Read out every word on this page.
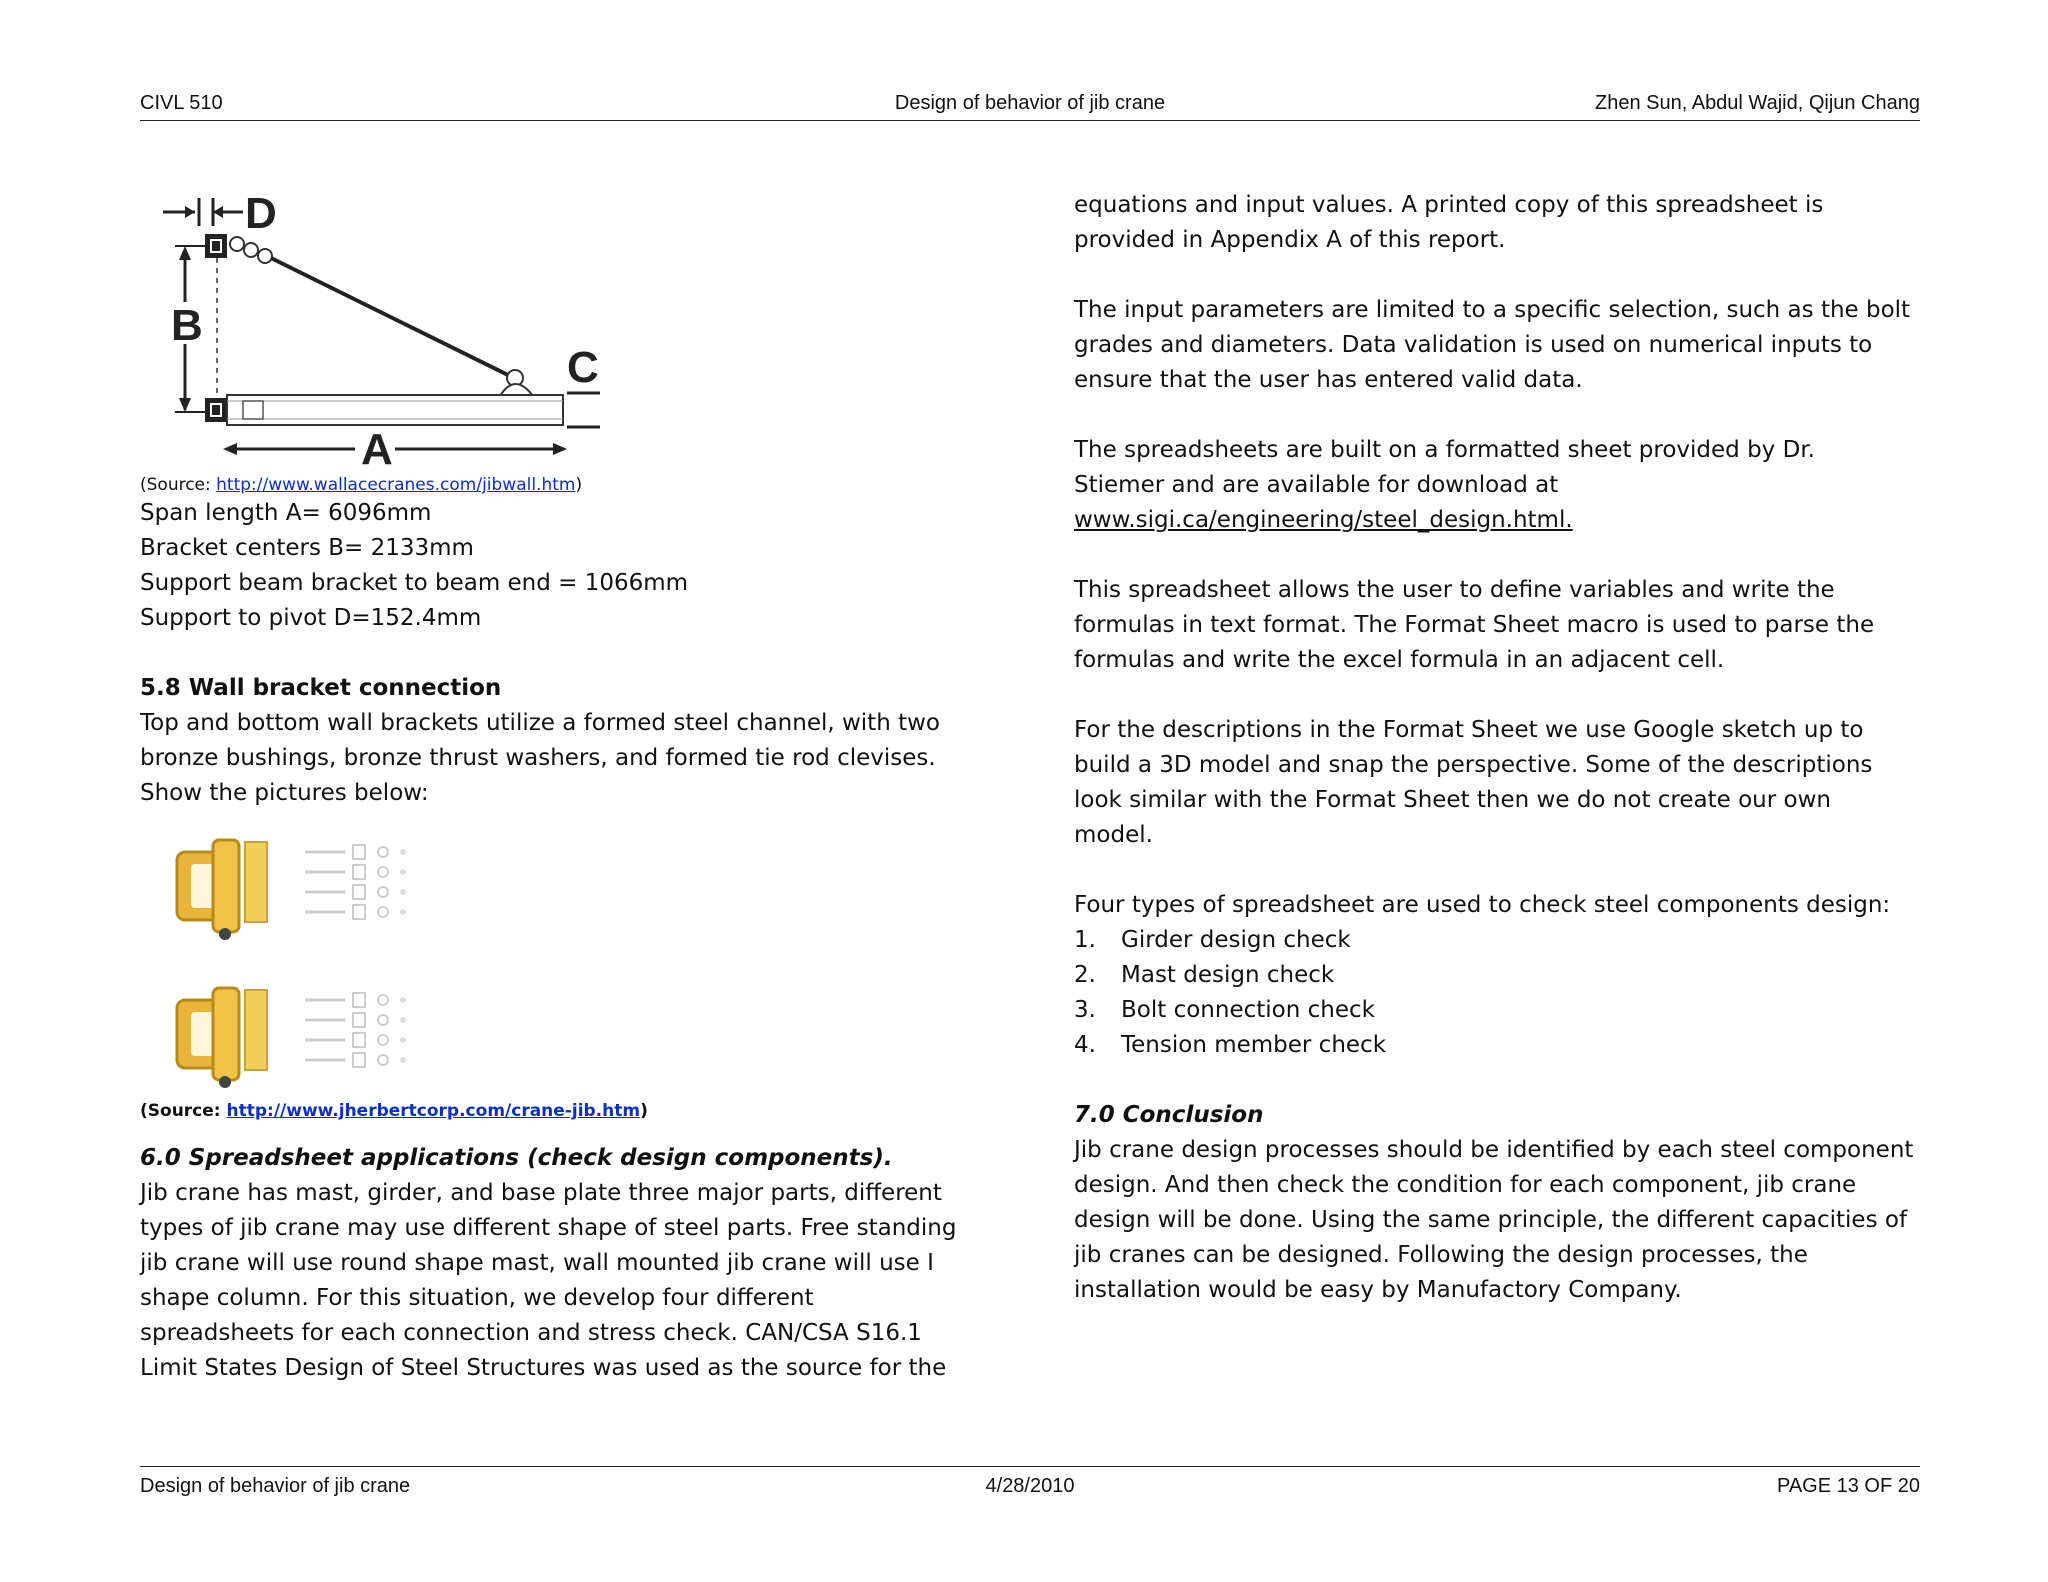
CIVL 510	Design of behavior of jib crane	Zhen Sun, Abdul Wajid, Qijun Chang
D
B
C
A

(Source: http://www.wallacecranes.com/jibwall.htm)

Span length A= 6096mm

Bracket centers B= 2133mm

Support beam bracket to beam end = 1066mm

Support to pivot D=152.4mm

5.8 Wall bracket connection

Top and bottom wall brackets utilize a formed steel channel, with two

bronze bushings, bronze thrust washers, and formed tie rod clevises.

Show the pictures below:

(Source: http://www.jherbertcorp.com/crane-jib.htm)

6.0 Spreadsheet applications (check design components).

Jib crane has mast, girder, and base plate three major parts, different

types of jib crane may use different shape of steel parts. Free standing

jib crane will use round shape mast, wall mounted jib crane will use I

shape column. For this situation, we develop four different

spreadsheets for each connection and stress check. CAN/CSA S16.1

Limit States Design of Steel Structures was used as the source for the

equations and input values. A printed copy of this spreadsheet is

provided in Appendix A of this report.

The input parameters are limited to a specific selection, such as the bolt

grades and diameters. Data validation is used on numerical inputs to

ensure that the user has entered valid data.

The spreadsheets are built on a formatted sheet provided by Dr.

Stiemer and are available for download at

www.sigi.ca/engineering/steel_design.html.

This spreadsheet allows the user to define variables and write the

formulas in text format. The Format Sheet macro is used to parse the

formulas and write the excel formula in an adjacent cell.

For the descriptions in the Format Sheet we use Google sketch up to

build a 3D model and snap the perspective. Some of the descriptions

look similar with the Format Sheet then we do not create our own

model.

Four types of spreadsheet are used to check steel components design:

1.	Girder design check
2.	Mast design check
3.	Bolt connection check
4.	Tension member check

7.0 Conclusion

Jib crane design processes should be identified by each steel component

design. And then check the condition for each component, jib crane

design will be done. Using the same principle, the different capacities of

jib cranes can be designed. Following the design processes, the

installation would be easy by Manufactory Company.

Design of behavior of jib crane	4/28/2010	PAGE 13 OF 20
